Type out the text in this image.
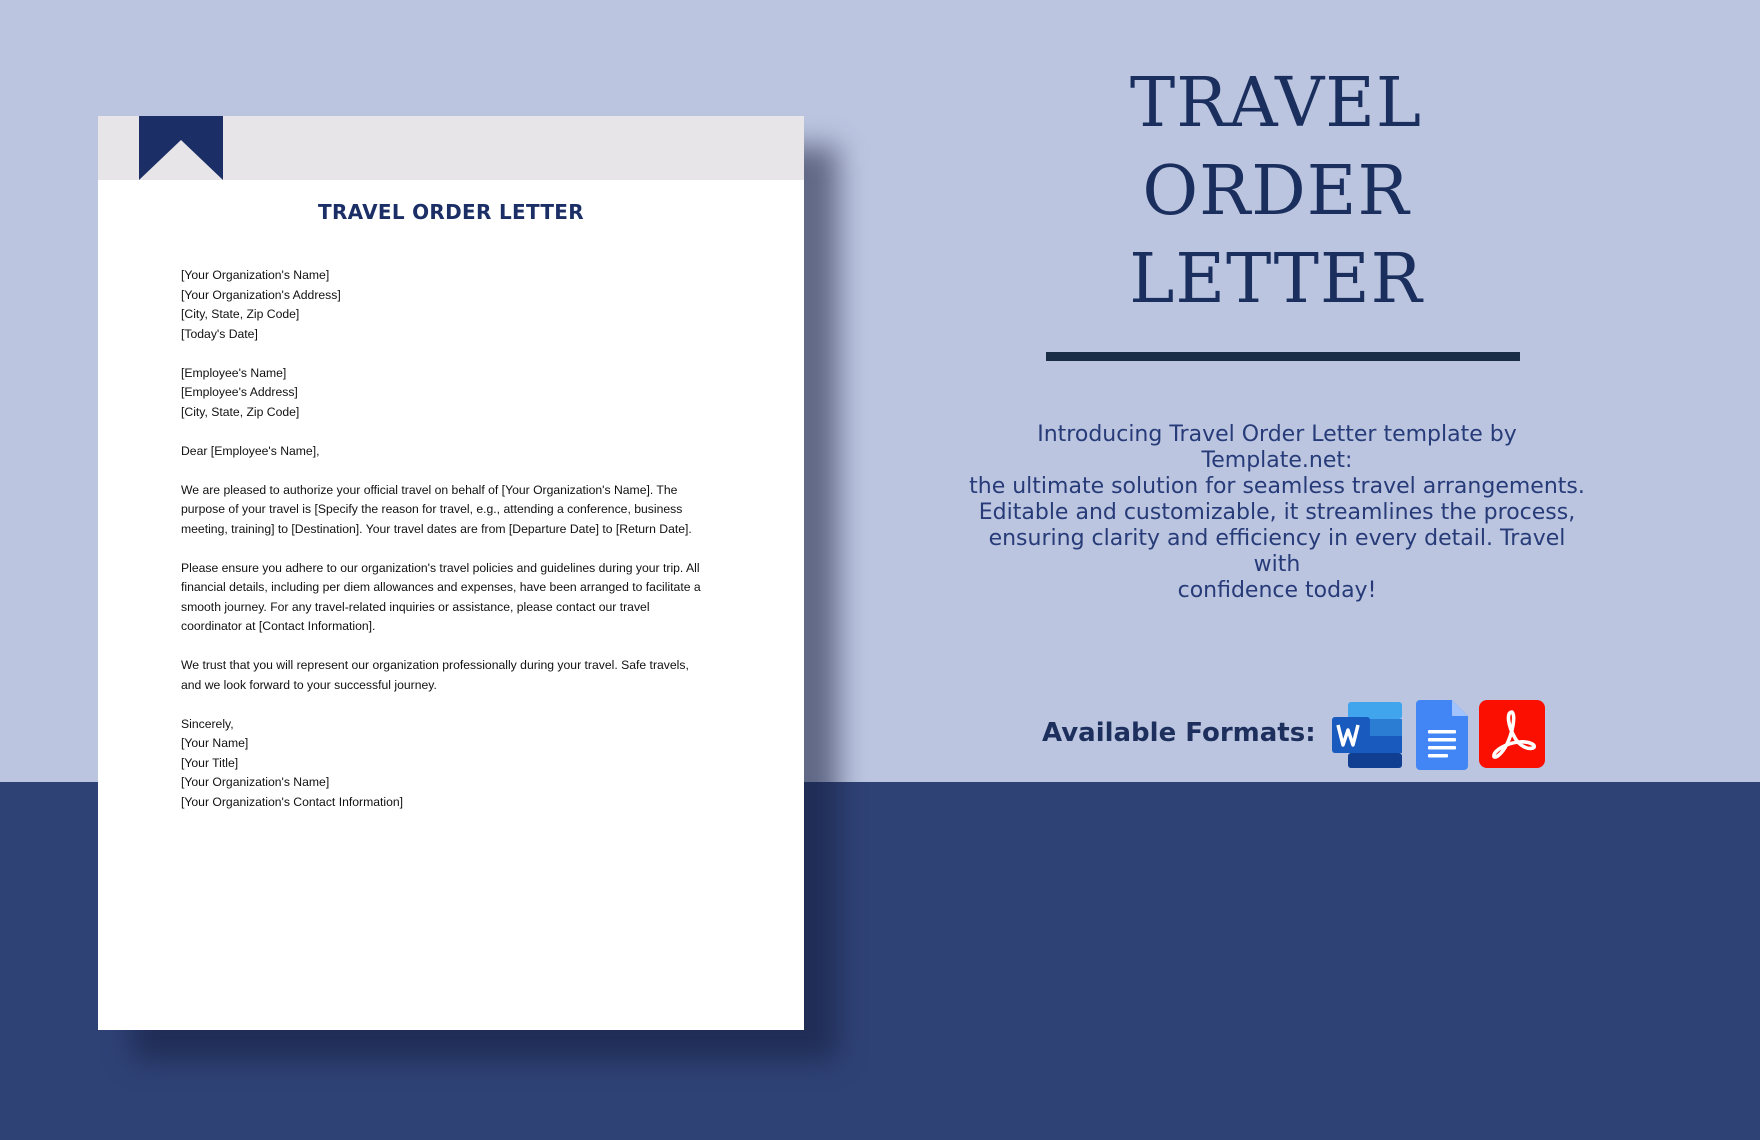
TRAVEL ORDER LETTER

[Your Organization's Name]
[Your Organization's Address]
[City, State, Zip Code]
[Today's Date]

[Employee's Name]
[Employee's Address]
[City, State, Zip Code]

Dear [Employee's Name],

We are pleased to authorize your official travel on behalf of [Your Organization's Name]. The
purpose of your travel is [Specify the reason for travel, e.g., attending a conference, business
meeting, training] to [Destination]. Your travel dates are from [Departure Date] to [Return Date].

Please ensure you adhere to our organization's travel policies and guidelines during your trip. All
financial details, including per diem allowances and expenses, have been arranged to facilitate a
smooth journey. For any travel-related inquiries or assistance, please contact our travel
coordinator at [Contact Information].

We trust that you will represent our organization professionally during your travel. Safe travels,
and we look forward to your successful journey.

Sincerely,
[Your Name]
[Your Title]
[Your Organization's Name]
[Your Organization's Contact Information]

TRAVEL
ORDER
LETTER
Introducing Travel Order Letter template by Template.net:
the ultimate solution for seamless travel arrangements.
Editable and customizable, it streamlines the process,
ensuring clarity and efficiency in every detail. Travel with
confidence today!
Available Formats:
